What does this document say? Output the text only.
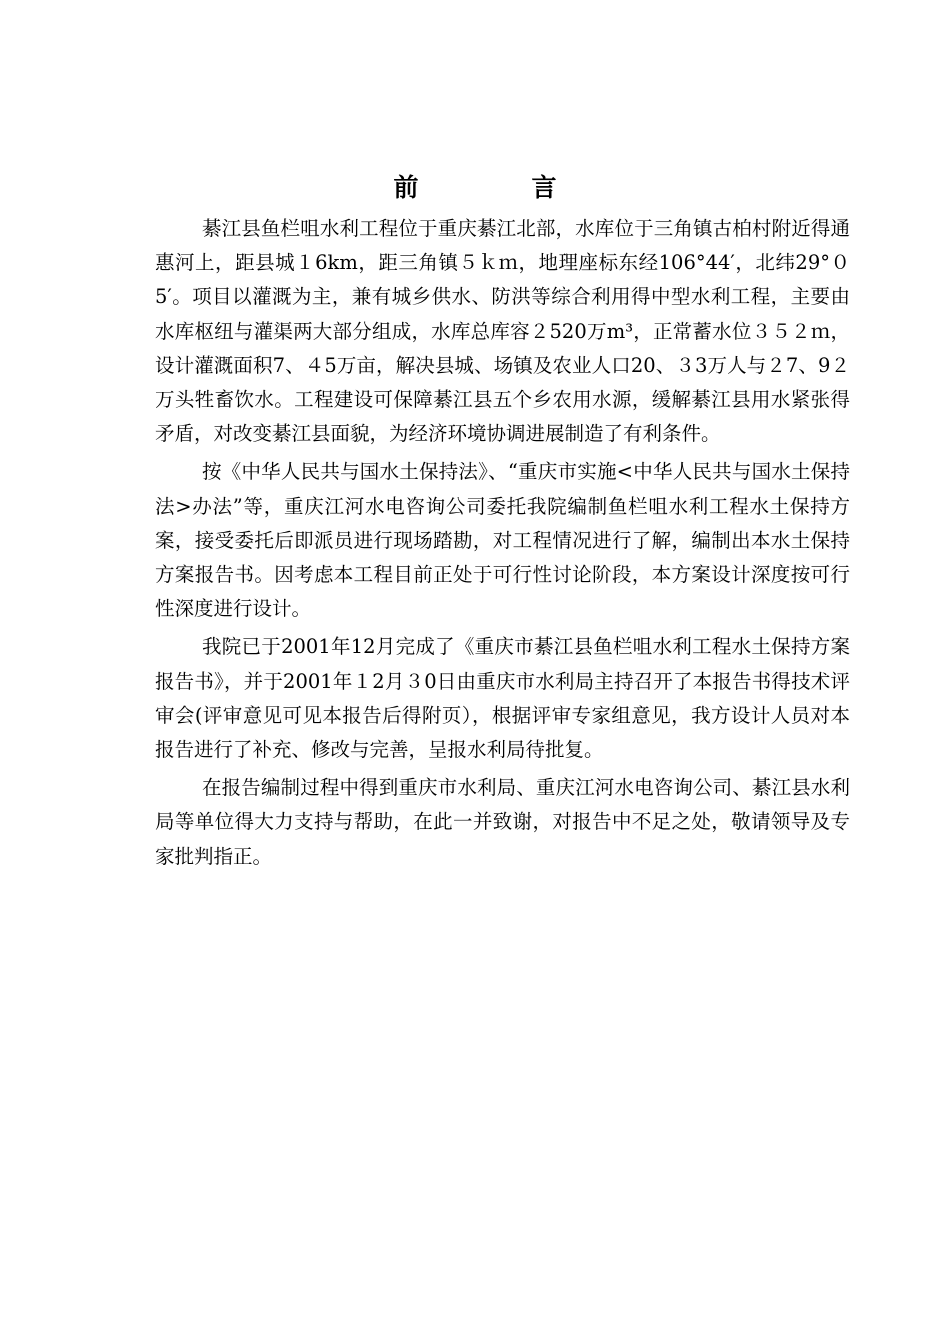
前　言

綦江县鱼栏咀水利工程位于重庆綦江北部，水库位于三角镇古柏村附近得通惠河上，距县城１6km，距三角镇５ｋｍ，地理座标东经106°44′，北纬29°０5′。项目以灌溉为主，兼有城乡供水、防洪等综合利用得中型水利工程，主要由水库枢纽与灌渠两大部分组成，水库总库容２520万m³，正常蓄水位３５２ｍ，设计灌溉面积7、４5万亩，解决县城、场镇及农业人口20、３3万人与２7、9２万头牲畜饮水。工程建设可保障綦江县五个乡农用水源，缓解綦江县用水紧张得矛盾，对改变綦江县面貌，为经济环境协调进展制造了有利条件。

按《中华人民共与国水土保持法》、“重庆市实施<中华人民共与国水土保持法>办法”等，重庆江河水电咨询公司委托我院编制鱼栏咀水利工程水土保持方案，接受委托后即派员进行现场踏勘，对工程情况进行了解，编制出本水土保持方案报告书。因考虑本工程目前正处于可行性讨论阶段，本方案设计深度按可行性深度进行设计。

我院已于2001年12月完成了《重庆市綦江县鱼栏咀水利工程水土保持方案报告书》，并于2001年１2月３0日由重庆市水利局主持召开了本报告书得技术评审会(评审意见可见本报告后得附页），根据评审专家组意见，我方设计人员对本报告进行了补充、修改与完善，呈报水利局待批复。

在报告编制过程中得到重庆市水利局、重庆江河水电咨询公司、綦江县水利局等单位得大力支持与帮助，在此一并致谢，对报告中不足之处，敬请领导及专家批判指正。
